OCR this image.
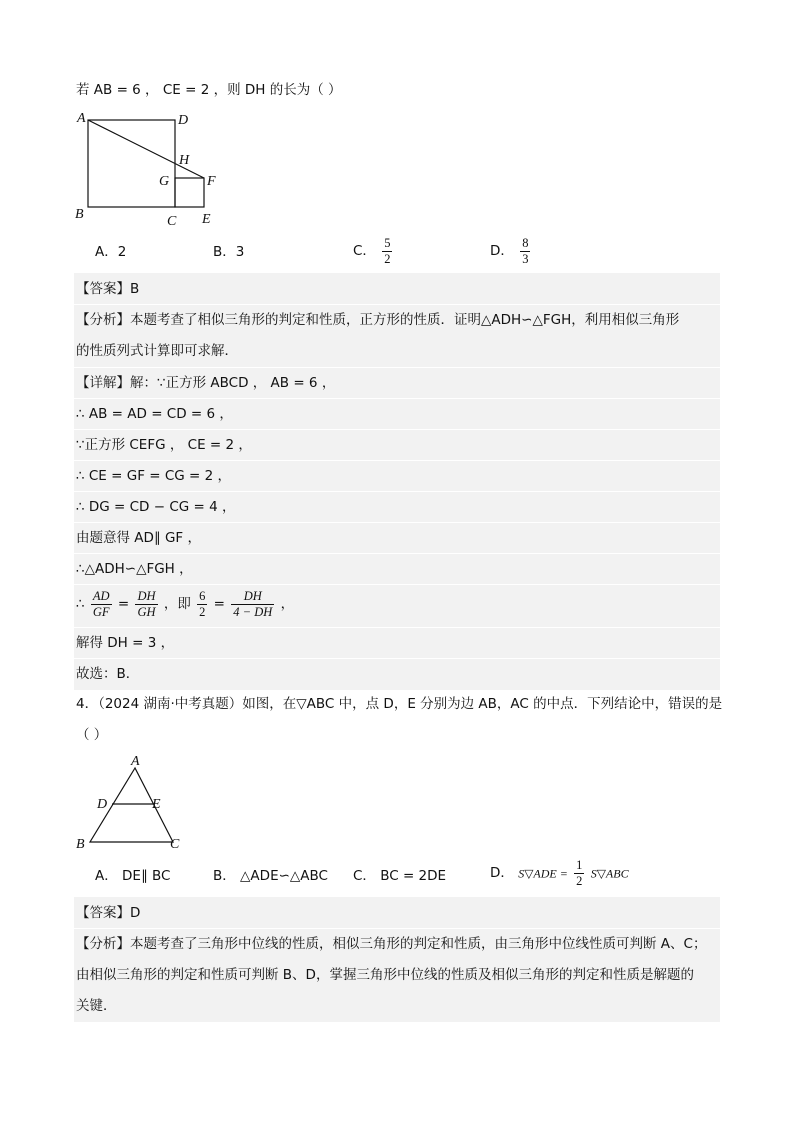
若 AB = 6 ， CE = 2 ，则 DH 的长为（ ）
A	D
H
G	F
B	C E
A．2	B．3	C． $\frac{5}{2}$	D． $\frac{8}{3}$
【答案】B
【分析】本题考查了相似三角形的判定和性质，正方形的性质．证明△ADH∽△FGH，利用相似三角形
的性质列式计算即可求解．
【详解】解：∵正方形 ABCD ， AB = 6 ，
∴ AB = AD = CD = 6 ，
∵正方形 CEFG ， CE = 2 ，
∴ CE = GF = CG = 2 ，
∴ DG = CD − CG = 4 ，
由题意得 AD∥ GF ，
∴△ADH∽△FGH ，
∴ $\frac{AD}{GF} = \frac{DH}{GH}$ ，即 $\frac{6}{2} = \frac{DH}{4 - DH}$ ，
解得 DH = 3 ，
故选：B．
4．（2024 湖南·中考真题）如图，在▽ABC 中，点 D，E 分别为边 AB，AC 的中点．下列结论中，错误的是
（ ）
A
D	E
B	C
A． DE∥ BC	B． △ADE∽△ABC C． BC = 2DE	D． S▽ADE = $\frac{1}{2}$ S▽ABC
【答案】D
【分析】本题考查了三角形中位线的性质，相似三角形的判定和性质，由三角形中位线性质可判断 A、C；
由相似三角形的判定和性质可判断 B、D，掌握三角形中位线的性质及相似三角形的判定和性质是解题的
关键．
